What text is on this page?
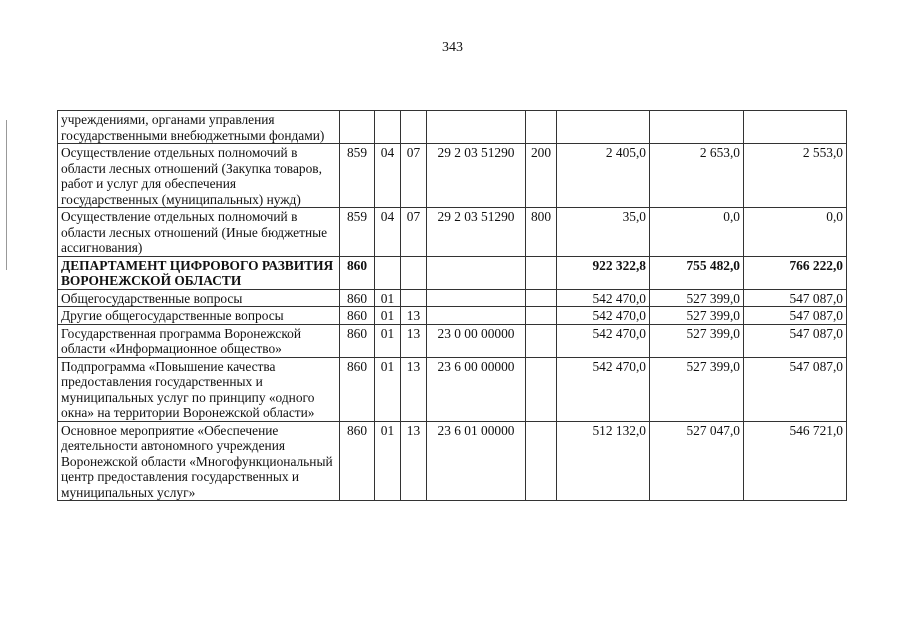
343
учреждениями, органами управления государственными внебюджетными фондами)								
Осуществление отдельных полномочий в области лесных отношений (Закупка товаров, работ и услуг для обеспечения государственных (муниципальных) нужд)	859	04	07	29 2 03 51290	200	2 405,0	2 653,0	2 553,0
Осуществление отдельных полномочий в области лесных отношений (Иные бюджетные ассигнования)	859	04	07	29 2 03 51290	800	35,0	0,0	0,0
ДЕПАРТАМЕНТ ЦИФРОВОГО РАЗВИТИЯ ВОРОНЕЖСКОЙ ОБЛАСТИ	860					922 322,8	755 482,0	766 222,0
Общегосударственные вопросы	860	01				542 470,0	527 399,0	547 087,0
Другие общегосударственные вопросы	860	01	13			542 470,0	527 399,0	547 087,0
Государственная программа Воронежской области «Информационное общество»	860	01	13	23 0 00 00000		542 470,0	527 399,0	547 087,0
Подпрограмма «Повышение качества предоставления государственных и муниципальных услуг по принципу «одного окна» на территории Воронежской области»	860	01	13	23 6 00 00000		542 470,0	527 399,0	547 087,0
Основное мероприятие «Обеспечение деятельности автономного учреждения Воронежской области «Многофункциональный центр предоставления государственных и муниципальных услуг»	860	01	13	23 6 01 00000		512 132,0	527 047,0	546 721,0
